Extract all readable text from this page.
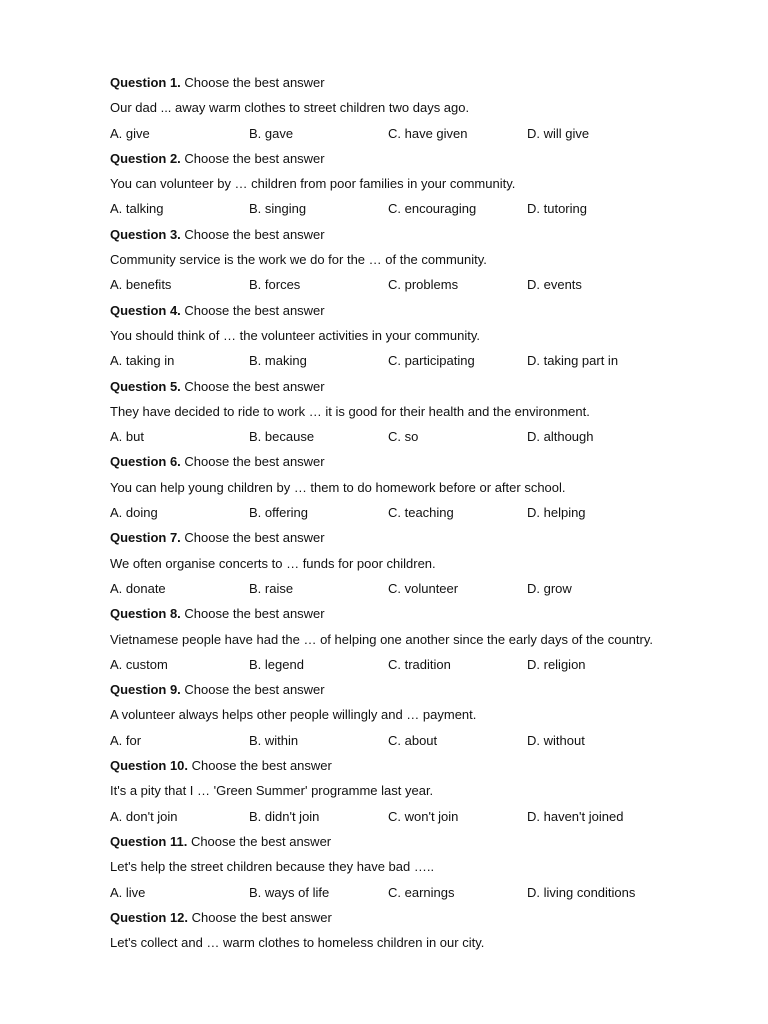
Question 1. Choose the best answer
Our dad ... away warm clothes to street children two days ago.
A. give	B. gave	C. have given	D. will give
Question 2. Choose the best answer
You can volunteer by … children from poor families in your community.
A. talking	B. singing	C. encouraging	D. tutoring
Question 3. Choose the best answer
Community service is the work we do for the … of the community.
A. benefits	B. forces	C. problems	D. events
Question 4. Choose the best answer
You should think of … the volunteer activities in your community.
A. taking in	B. making	C. participating	D. taking part in
Question 5. Choose the best answer
They have decided to ride to work … it is good for their health and the environment.
A. but	B. because	C. so	D. although
Question 6. Choose the best answer
You can help young children by … them to do homework before or after school.
A. doing	B. offering	C. teaching	D. helping
Question 7. Choose the best answer
We often organise concerts to … funds for poor children.
A. donate	B. raise	C. volunteer	D. grow
Question 8. Choose the best answer
Vietnamese people have had the … of helping one another since the early days of the country.
A. custom	B. legend	C. tradition	D. religion
Question 9. Choose the best answer
A volunteer always helps other people willingly and … payment.
A. for	B. within	C. about	D. without
Question 10. Choose the best answer
It's a pity that I … 'Green Summer' programme last year.
A. don't join	B. didn't join	C. won't join	D. haven't joined
Question 11. Choose the best answer
Let's help the street children because they have bad …..
A. live	B. ways of life	C. earnings	D. living conditions
Question 12. Choose the best answer
Let's collect and … warm clothes to homeless children in our city.
